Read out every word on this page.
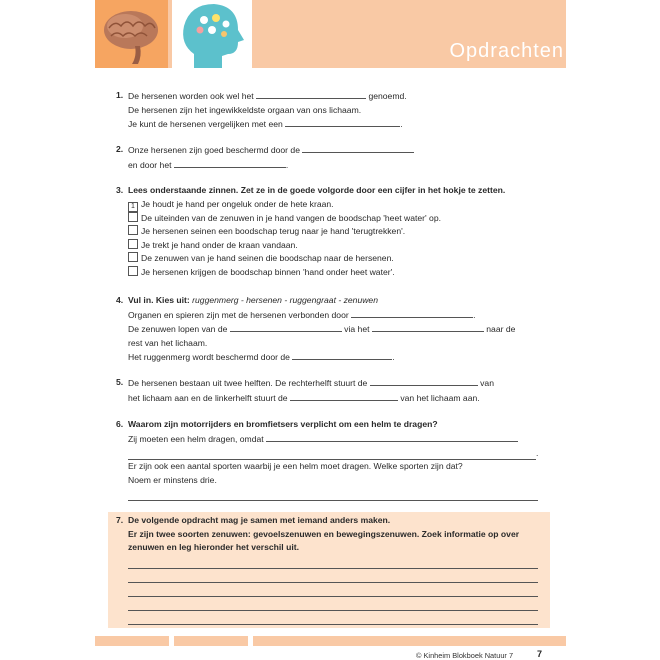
Opdrachten
1. De hersenen worden ook wel het	genoemd.
De hersenen zijn het ingewikkeldste orgaan van ons lichaam.
Je kunt de hersenen vergelijken met een	.
2. Onze hersenen zijn goed beschermd door de
en door het	.
3. Lees onderstaande zinnen. Zet ze in de goede volgorde door een cijfer in het hokje te zetten.
1 Je houdt je hand per ongeluk onder de hete kraan.
De uiteinden van de zenuwen in je hand vangen de boodschap 'heet water' op.
Je hersenen seinen een boodschap terug naar je hand 'terugtrekken'.
Je trekt je hand onder de kraan vandaan.
De zenuwen van je hand seinen die boodschap naar de hersenen.
Je hersenen krijgen de boodschap binnen 'hand onder heet water'.
4. Vul in. Kies uit: ruggenmerg - hersenen - ruggengraat - zenuwen
Organen en spieren zijn met de hersenen verbonden door	.
De zenuwen lopen van de	via het	naar de
rest van het lichaam.
Het ruggenmerg wordt beschermd door de	.
5. De hersenen bestaan uit twee helften. De rechterhelft stuurt de	van
het lichaam aan en de linkerhelft stuurt de	van het lichaam aan.
6. Waarom zijn motorrijders en bromfietsers verplicht om een helm te dragen?
Zij moeten een helm dragen, omdat
.
Er zijn ook een aantal sporten waarbij je een helm moet dragen. Welke sporten zijn dat?
Noem er minstens drie.
7. De volgende opdracht mag je samen met iemand anders maken.
Er zijn twee soorten zenuwen: gevoelszenuwen en bewegingszenuwen. Zoek informatie op over
zenuwen en leg hieronder het verschil uit.
© Kinheim Blokboek Natuur 7	7
